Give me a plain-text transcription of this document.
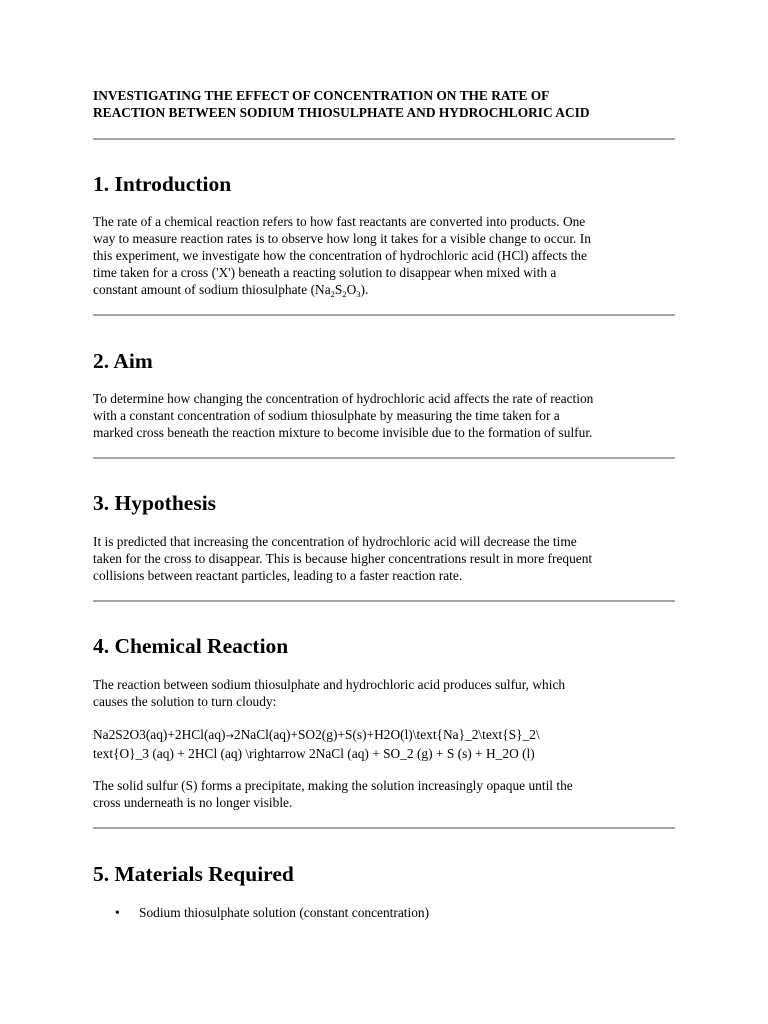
INVESTIGATING THE EFFECT OF CONCENTRATION ON THE RATE OF
REACTION BETWEEN SODIUM THIOSULPHATE AND HYDROCHLORIC ACID
1. Introduction

The rate of a chemical reaction refers to how fast reactants are converted into products. One
way to measure reaction rates is to observe how long it takes for a visible change to occur. In
this experiment, we investigate how the concentration of hydrochloric acid (HCl) affects the
time taken for a cross ('X') beneath a reacting solution to disappear when mixed with a
constant amount of sodium thiosulphate $(Na_2S_2O_3)$.

2. Aim

To determine how changing the concentration of hydrochloric acid affects the rate of reaction
with a constant concentration of sodium thiosulphate by measuring the time taken for a
marked cross beneath the reaction mixture to become invisible due to the formation of sulfur.

3. Hypothesis

It is predicted that increasing the concentration of hydrochloric acid will decrease the time
taken for the cross to disappear. This is because higher concentrations result in more frequent
collisions between reactant particles, leading to a faster reaction rate.

4. Chemical Reaction

The reaction between sodium thiosulphate and hydrochloric acid produces sulfur, which
causes the solution to turn cloudy:

Na2S2O3(aq)+2HCl(aq)→2NaCl(aq)+SO2(g)+S(s)+H2O(l)\text{Na}_2\text{S}_2\
text{O}_3 (aq) + 2HCl (aq) \rightarrow 2NaCl (aq) + SO_2 (g) + S (s) + H_2O (l)

The solid sulfur (S) forms a precipitate, making the solution increasingly opaque until the
cross underneath is no longer visible.

5. Materials Required
• Sodium thiosulphate solution (constant concentration)
